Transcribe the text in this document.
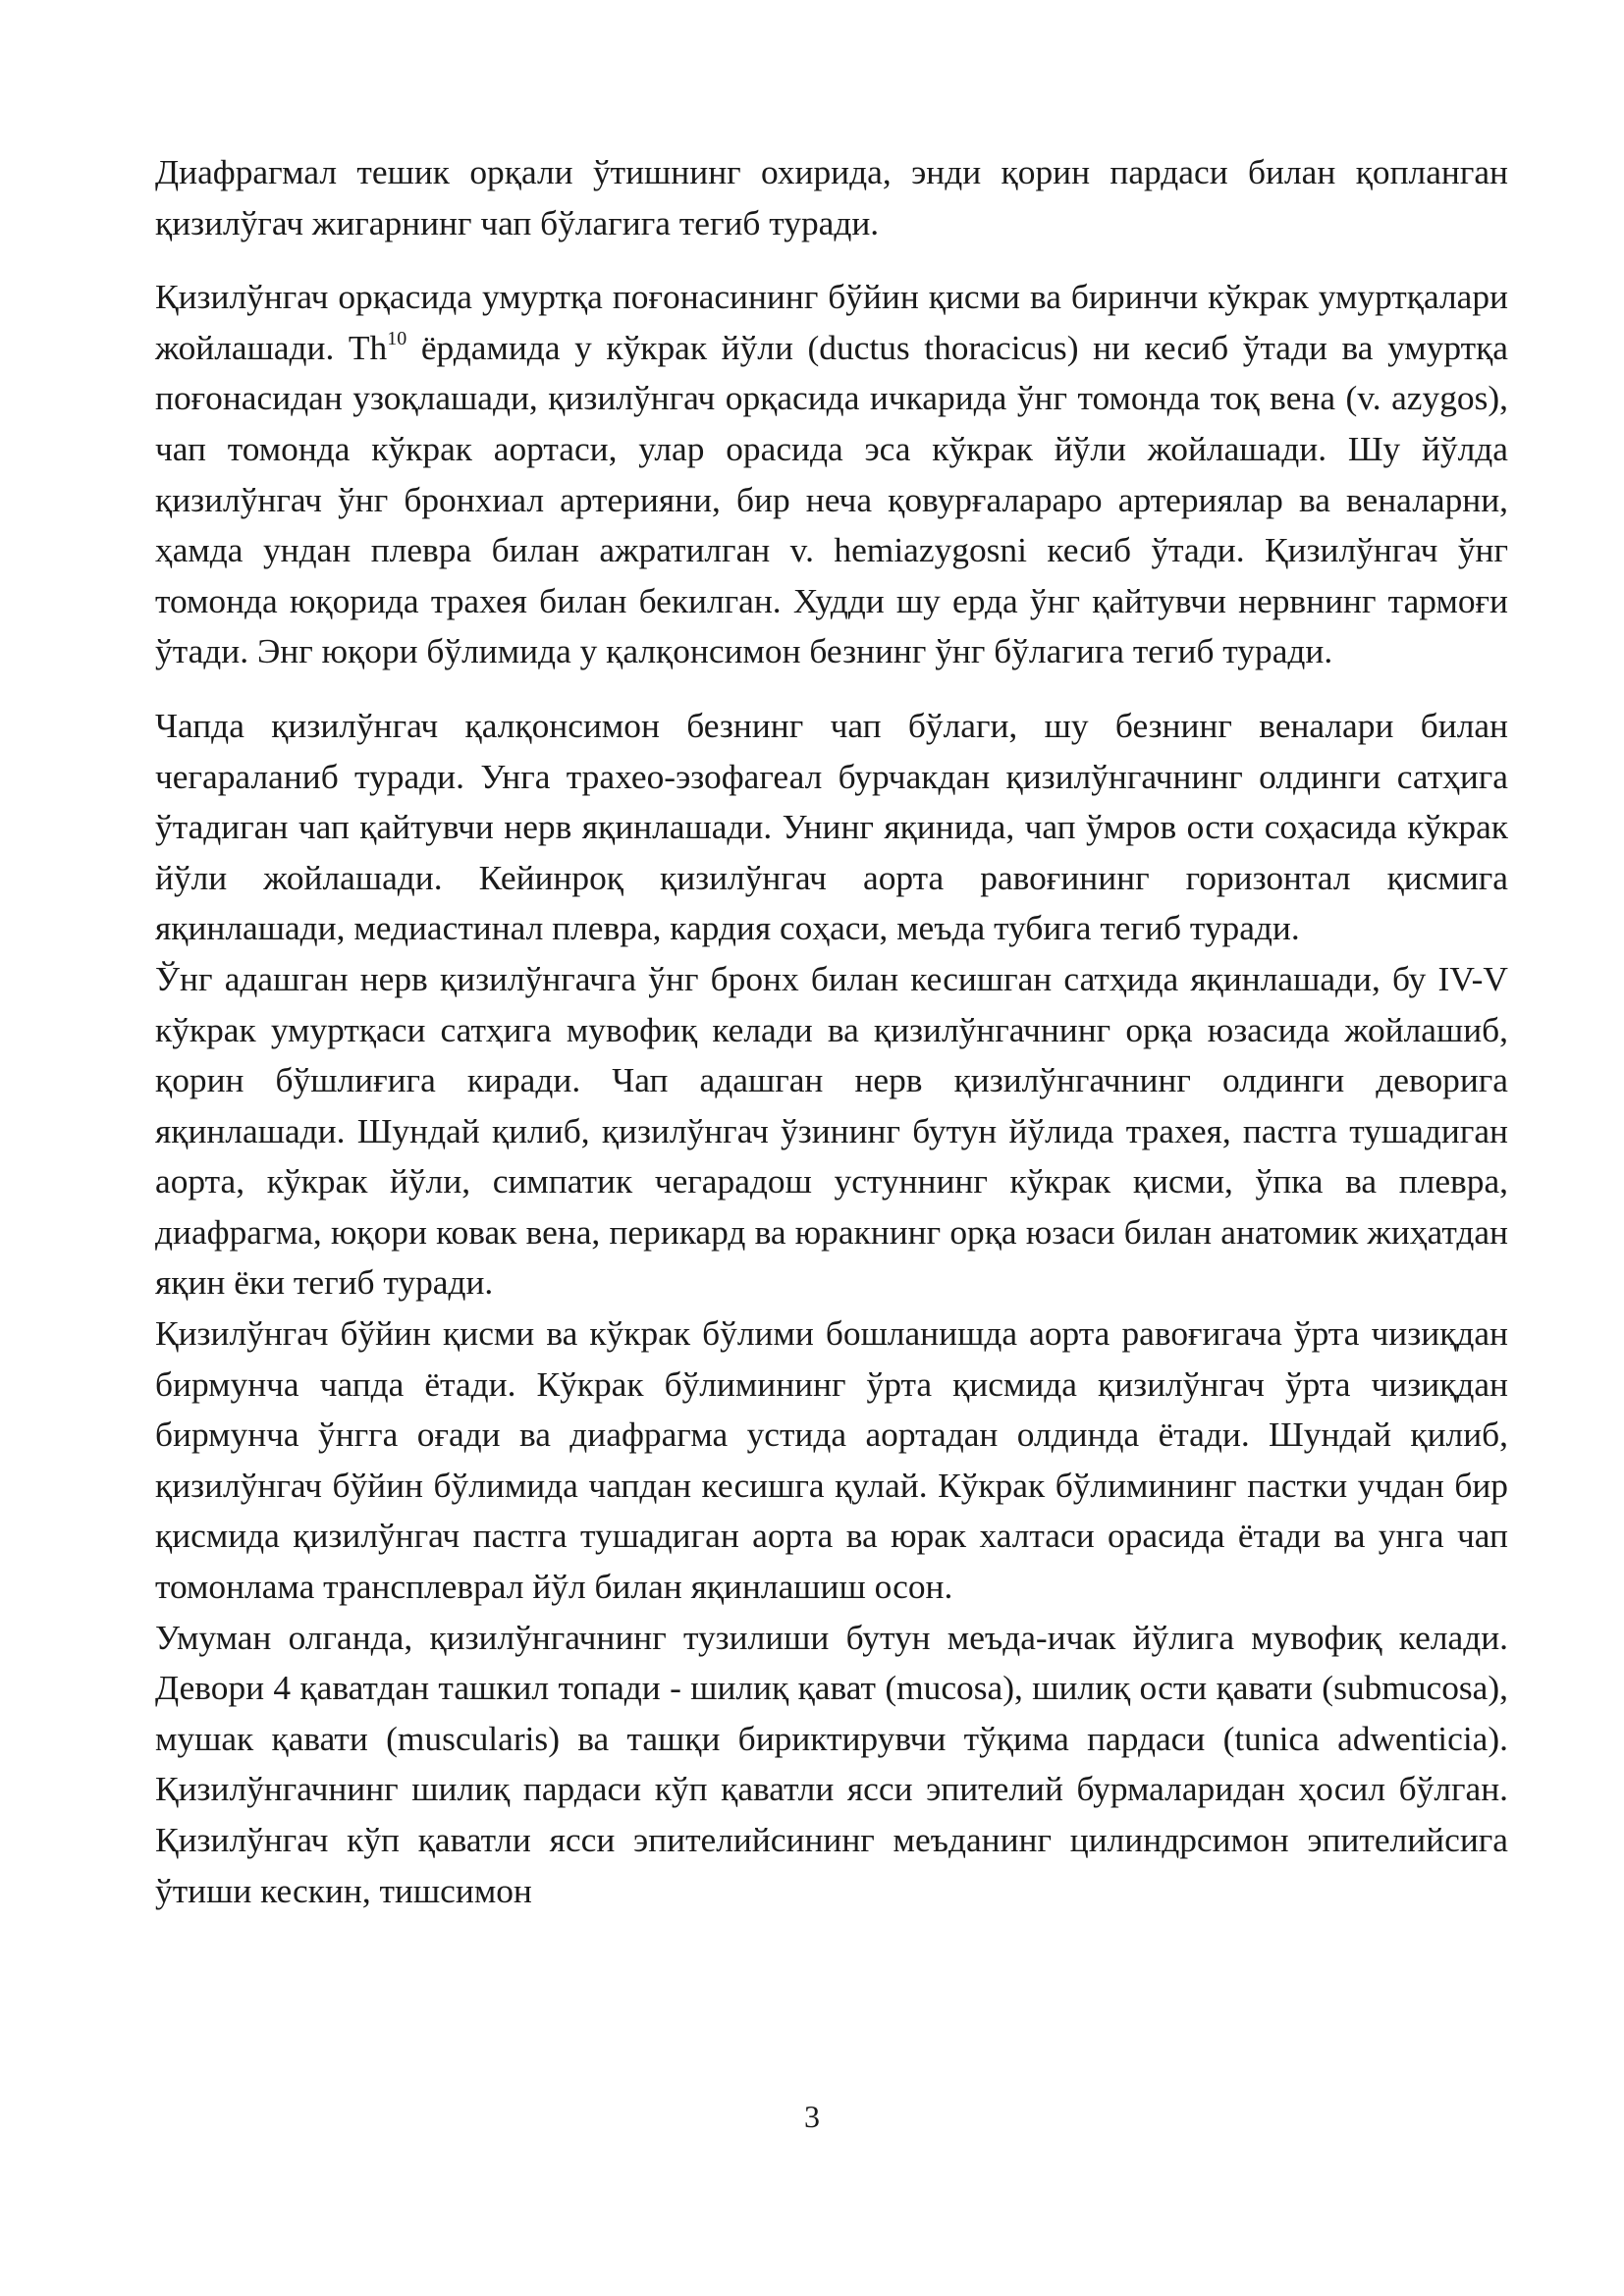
Диафрагмал тешик орқали ўтишнинг охирида, энди қорин пардаси билан қопланган қизилўгач жигарнинг чап бўлагига тегиб туради.

Қизилўнгач орқасида умуртқа поғонасининг бўйин қисми ва биринчи кўкрак умуртқалари жойлашади. Th$^{10}$ ёрдамида у кўкрак йўли (ductus thoracicus) ни кесиб ўтади ва умуртқа поғонасидан узоқлашади, қизилўнгач орқасида ичкарида ўнг томонда тоқ вена (v. azygos), чап томонда кўкрак аортаси, улар орасида эса кўкрак йўли жойлашади. Шу йўлда қизилўнгач ўнг бронхиал артерияни, бир неча қовурғалараро артериялар ва веналарни, ҳамда ундан плевра билан ажратилган v. hemiazygosni кесиб ўтади. Қизилўнгач ўнг томонда юқорида трахея билан бекилган. Худди шу ерда ўнг қайтувчи нервнинг тармоғи ўтади. Энг юқори бўлимида у қалқонсимон безнинг ўнг бўлагига тегиб туради.

Чапда қизилўнгач қалқонсимон безнинг чап бўлаги, шу безнинг веналари билан чегараланиб туради. Унга трахео-эзофагеал бурчакдан қизилўнгачнинг олдинги сатҳига ўтадиган чап қайтувчи нерв яқинлашади. Унинг яқинида, чап ўмров ости соҳасида кўкрак йўли жойлашади. Кейинроқ қизилўнгач аорта равоғининг горизонтал қисмига яқинлашади, медиастинал плевра, кардия соҳаси, меъда тубига тегиб туради.

Ўнг адашган нерв қизилўнгачга ўнг бронх билан кесишган сатҳида яқинлашади, бу IV-V кўкрак умуртқаси сатҳига мувофиқ келади ва қизилўнгачнинг орқа юзасида жойлашиб, қорин бўшлиғига киради. Чап адашган нерв қизилўнгачнинг олдинги деворига яқинлашади. Шундай қилиб, қизилўнгач ўзининг бутун йўлида трахея, пастга тушадиган аорта, кўкрак йўли, симпатик чегарадош устуннинг кўкрак қисми, ўпка ва плевра, диафрагма, юқори ковак вена, перикард ва юракнинг орқа юзаси билан анатомик жиҳатдан яқин ёки тегиб туради.

Қизилўнгач бўйин қисми ва кўкрак бўлими бошланишда аорта равоғигача ўрта чизиқдан бирмунча чапда ётади. Кўкрак бўлимининг ўрта қисмида қизилўнгач ўрта чизиқдан бирмунча ўнгга оғади ва диафрагма устида аортадан олдинда ётади. Шундай қилиб, қизилўнгач бўйин бўлимида чапдан кесишга қулай. Кўкрак бўлимининг пастки учдан бир қисмида қизилўнгач пастга тушадиган аорта ва юрак халтаси орасида ётади ва унга чап томонлама трансплеврал йўл билан яқинлашиш осон.

Умуман олганда, қизилўнгачнинг тузилиши бутун меъда-ичак йўлига мувофиқ келади. Девори 4 қаватдан ташкил топади - шилиқ қават (mucosa), шилиқ ости қавати (submucosa), мушак қавати (muscularis) ва ташқи бириктирувчи тўқима пардаси (tunica adwenticia). Қизилўнгачнинг шилиқ пардаси кўп қаватли ясси эпителий бурмаларидан ҳосил бўлган. Қизилўнгач кўп қаватли ясси эпителийсининг меъданинг цилиндрсимон эпителийсига ўтиши кескин, тишсимон

3
